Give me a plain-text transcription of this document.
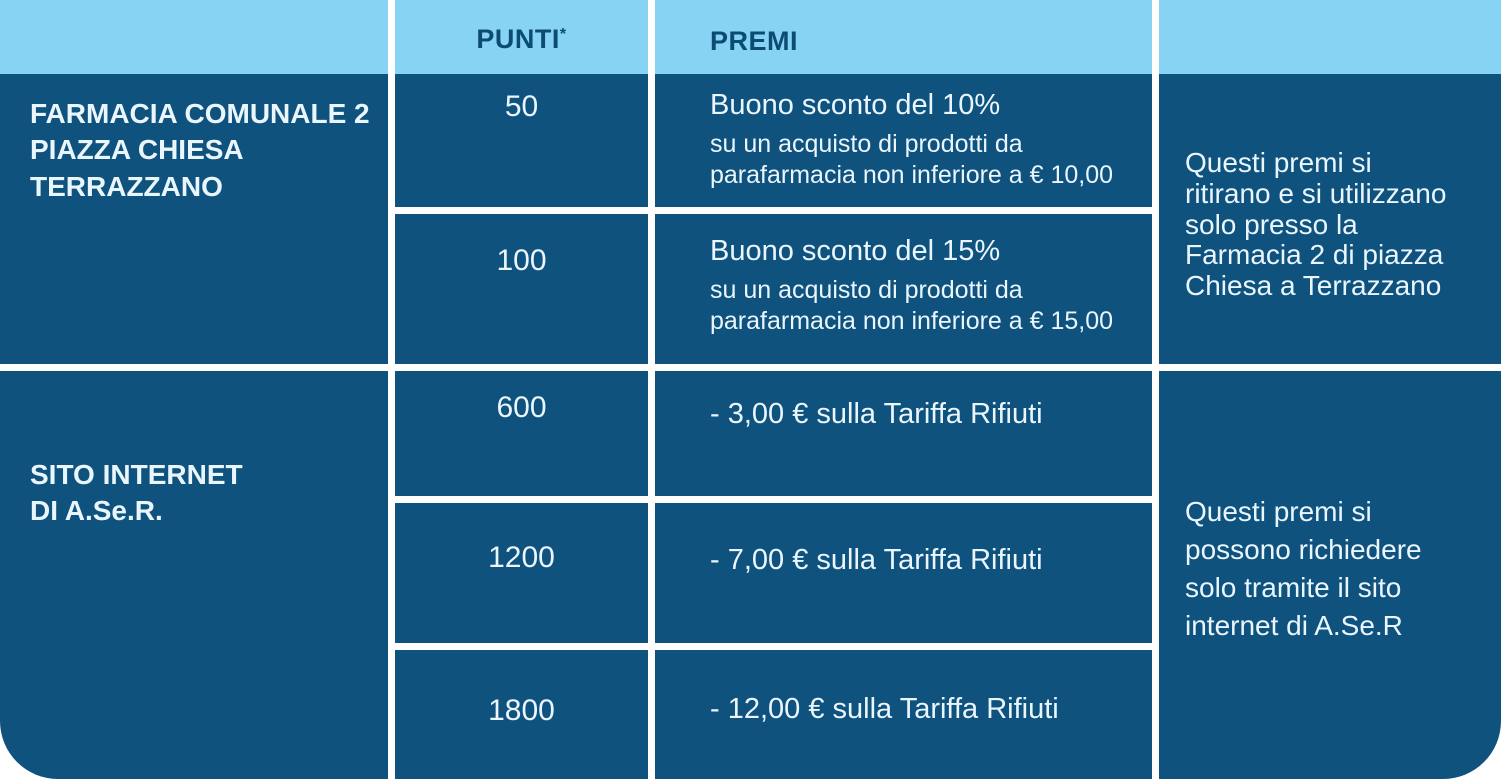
PUNTI*	PREMI
FARMACIA COMUNALE 2
PIAZZA CHIESA
TERRAZZANO
50	Buono sconto del 10%
su un acquisto di prodotti da
parafarmacia non inferiore a € 10,00
100	Buono sconto del 15%
su un acquisto di prodotti da
parafarmacia non inferiore a € 15,00
Questi premi si
ritirano e si utilizzano
solo presso la
Farmacia 2 di piazza
Chiesa a Terrazzano
SITO INTERNET
DI A.Se.R.
600	- 3,00 € sulla Tariffa Rifiuti
1200	- 7,00 € sulla Tariffa Rifiuti
1800	- 12,00 € sulla Tariffa Rifiuti
Questi premi si
possono richiedere
solo tramite il sito
internet di A.Se.R
